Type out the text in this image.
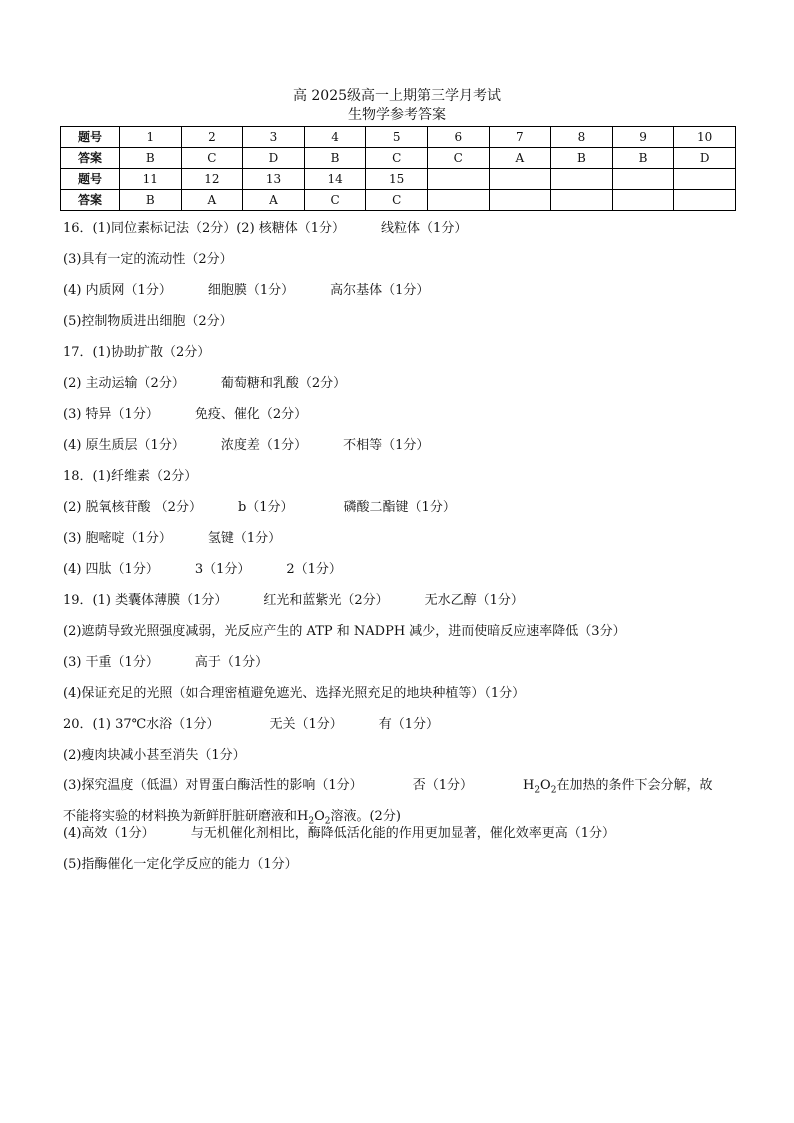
高 2025级高一上期第三学月考试
生物学参考答案
题号	1	2	3	4	5	6	7	8	9	10
答案	B	C	D	B	C	C	A	B	B	D
题号	11	12	13	14	15					
答案	B	A	A	C	C					
16．(1)同位素标记法（2分）(2) 核糖体（1分）	线粒体（1分）
(3)具有一定的流动性（2分）
(4) 内质网（1分）	细胞膜（1分）	高尔基体（1分）
(5)控制物质进出细胞（2分）
17．(1)协助扩散（2分）
(2) 主动运输（2分）	葡萄糖和乳酸（2分）
(3) 特异（1分）	免疫、催化（2分）
(4) 原生质层（1分）	浓度差（1分）	不相等（1分）
18．(1)纤维素（2分）
(2) 脱氧核苷酸 （2分）	b（1分）	磷酸二酯键（1分）
(3) 胞嘧啶（1分）	氢键（1分）
(4) 四肽（1分）	3（1分）	2（1分）
19．(1) 类囊体薄膜（1分）	红光和蓝紫光（2分）	无水乙醇（1分）
(2)遮荫导致光照强度减弱，光反应产生的 ATP 和 NADPH 减少，进而使暗反应速率降低（3分）
(3) 干重（1分）	高于（1分）
(4)保证充足的光照（如合理密植避免遮光、选择光照充足的地块种植等）（1分）
20．(1) 37℃水浴（1分）	无关（1分）	有（1分）
(2)瘦肉块减小甚至消失（1分）
(3)探究温度（低温）对胃蛋白酶活性的影响（1分）	否（1分）	$H_2O_2$在加热的条件下会分解，故
不能将实验的材料换为新鲜肝脏研磨液和$H_2O_2$溶液。(2分)
(4)高效（1分）	与无机催化剂相比，酶降低活化能的作用更加显著，催化效率更高（1分）
(5)指酶催化一定化学反应的能力（1分）
